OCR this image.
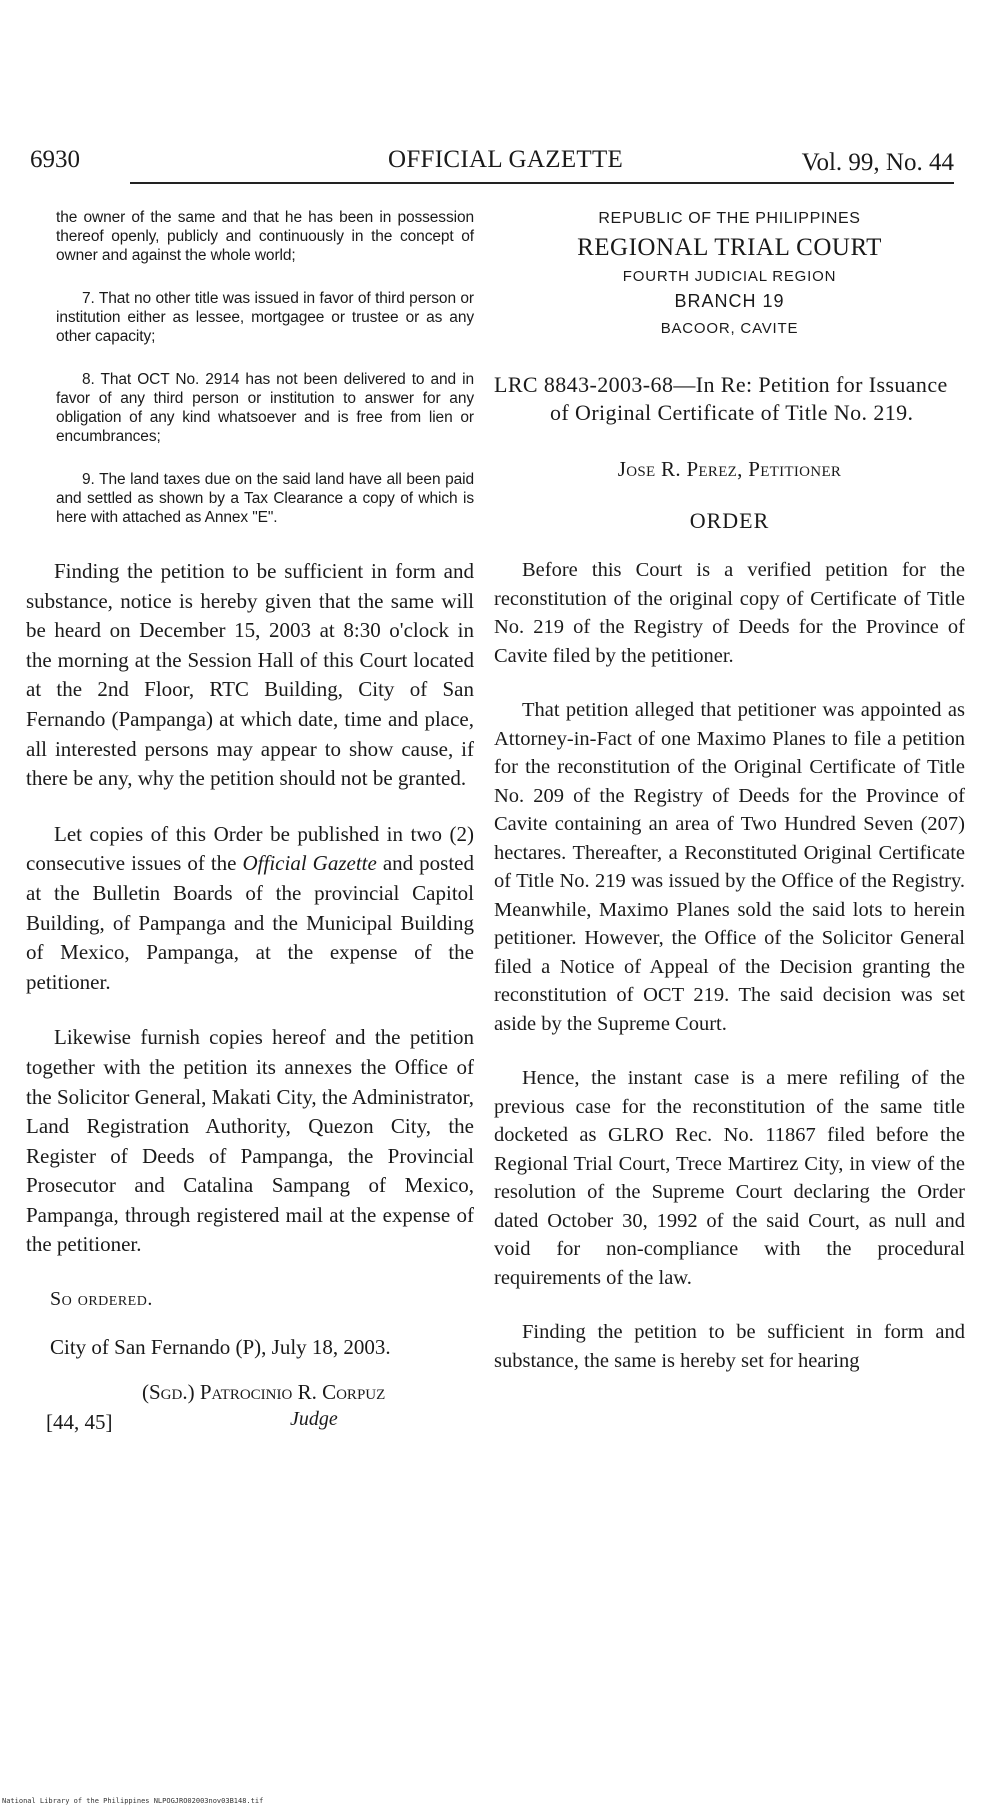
6930	OFFICIAL GAZETTE	Vol. 99, No. 44

the owner of the same and that he has been in possession thereof openly, publicly and continuously in the concept of owner and against the whole world;

7. That no other title was issued in favor of third person or institution either as lessee, mortgagee or trustee or as any other capacity;

8. That OCT No. 2914 has not been delivered to and in favor of any third person or institution to answer for any obligation of any kind whatsoever and is free from lien or encumbrances;

9. The land taxes due on the said land have all been paid and settled as shown by a Tax Clearance a copy of which is here with attached as Annex "E".

Finding the petition to be sufficient in form and substance, notice is hereby given that the same will be heard on December 15, 2003 at 8:30 o'clock in the morning at the Session Hall of this Court located at the 2nd Floor, RTC Building, City of San Fernando (Pampanga) at which date, time and place, all interested persons may appear to show cause, if there be any, why the petition should not be granted.

Let copies of this Order be published in two (2) consecutive issues of the Official Gazette and posted at the Bulletin Boards of the provincial Capitol Building, of Pampanga and the Municipal Building of Mexico, Pampanga, at the expense of the petitioner.

Likewise furnish copies hereof and the petition together with the petition its annexes the Office of the Solicitor General, Makati City, the Administrator, Land Registration Authority, Quezon City, the Register of Deeds of Pampanga, the Provincial Prosecutor and Catalina Sampang of Mexico, Pampanga, through registered mail at the expense of the petitioner.

So ordered.
City of San Fernando (P), July 18, 2003.
(Sgd.) Patrocinio R. Corpuz
[44, 45]	Judge
REPUBLIC OF THE PHILIPPINES
REGIONAL TRIAL COURT
FOURTH JUDICIAL REGION
BRANCH 19
BACOOR, CAVITE
LRC 8843-2003-68—In Re: Petition for Issuance of Original Certificate of Title No. 219.
Jose R. Perez, Petitioner
ORDER

Before this Court is a verified petition for the reconstitution of the original copy of Certificate of Title No. 219 of the Registry of Deeds for the Province of Cavite filed by the petitioner.

That petition alleged that petitioner was appointed as Attorney-in-Fact of one Maximo Planes to file a petition for the reconstitution of the Original Certificate of Title No. 209 of the Registry of Deeds for the Province of Cavite containing an area of Two Hundred Seven (207) hectares. Thereafter, a Reconstituted Original Certificate of Title No. 219 was issued by the Office of the Registry. Meanwhile, Maximo Planes sold the said lots to herein petitioner. However, the Office of the Solicitor General filed a Notice of Appeal of the Decision granting the reconstitution of OCT 219. The said decision was set aside by the Supreme Court.

Hence, the instant case is a mere refiling of the previous case for the reconstitution of the same title docketed as GLRO Rec. No. 11867 filed before the Regional Trial Court, Trece Martirez City, in view of the resolution of the Supreme Court declaring the Order dated October 30, 1992 of the said Court, as null and void for non-compliance with the procedural requirements of the law.

Finding the petition to be sufficient in form and substance, the same is hereby set for hearing

National Library of the Philippines NLPOGJRO02003nov03B148.tif
